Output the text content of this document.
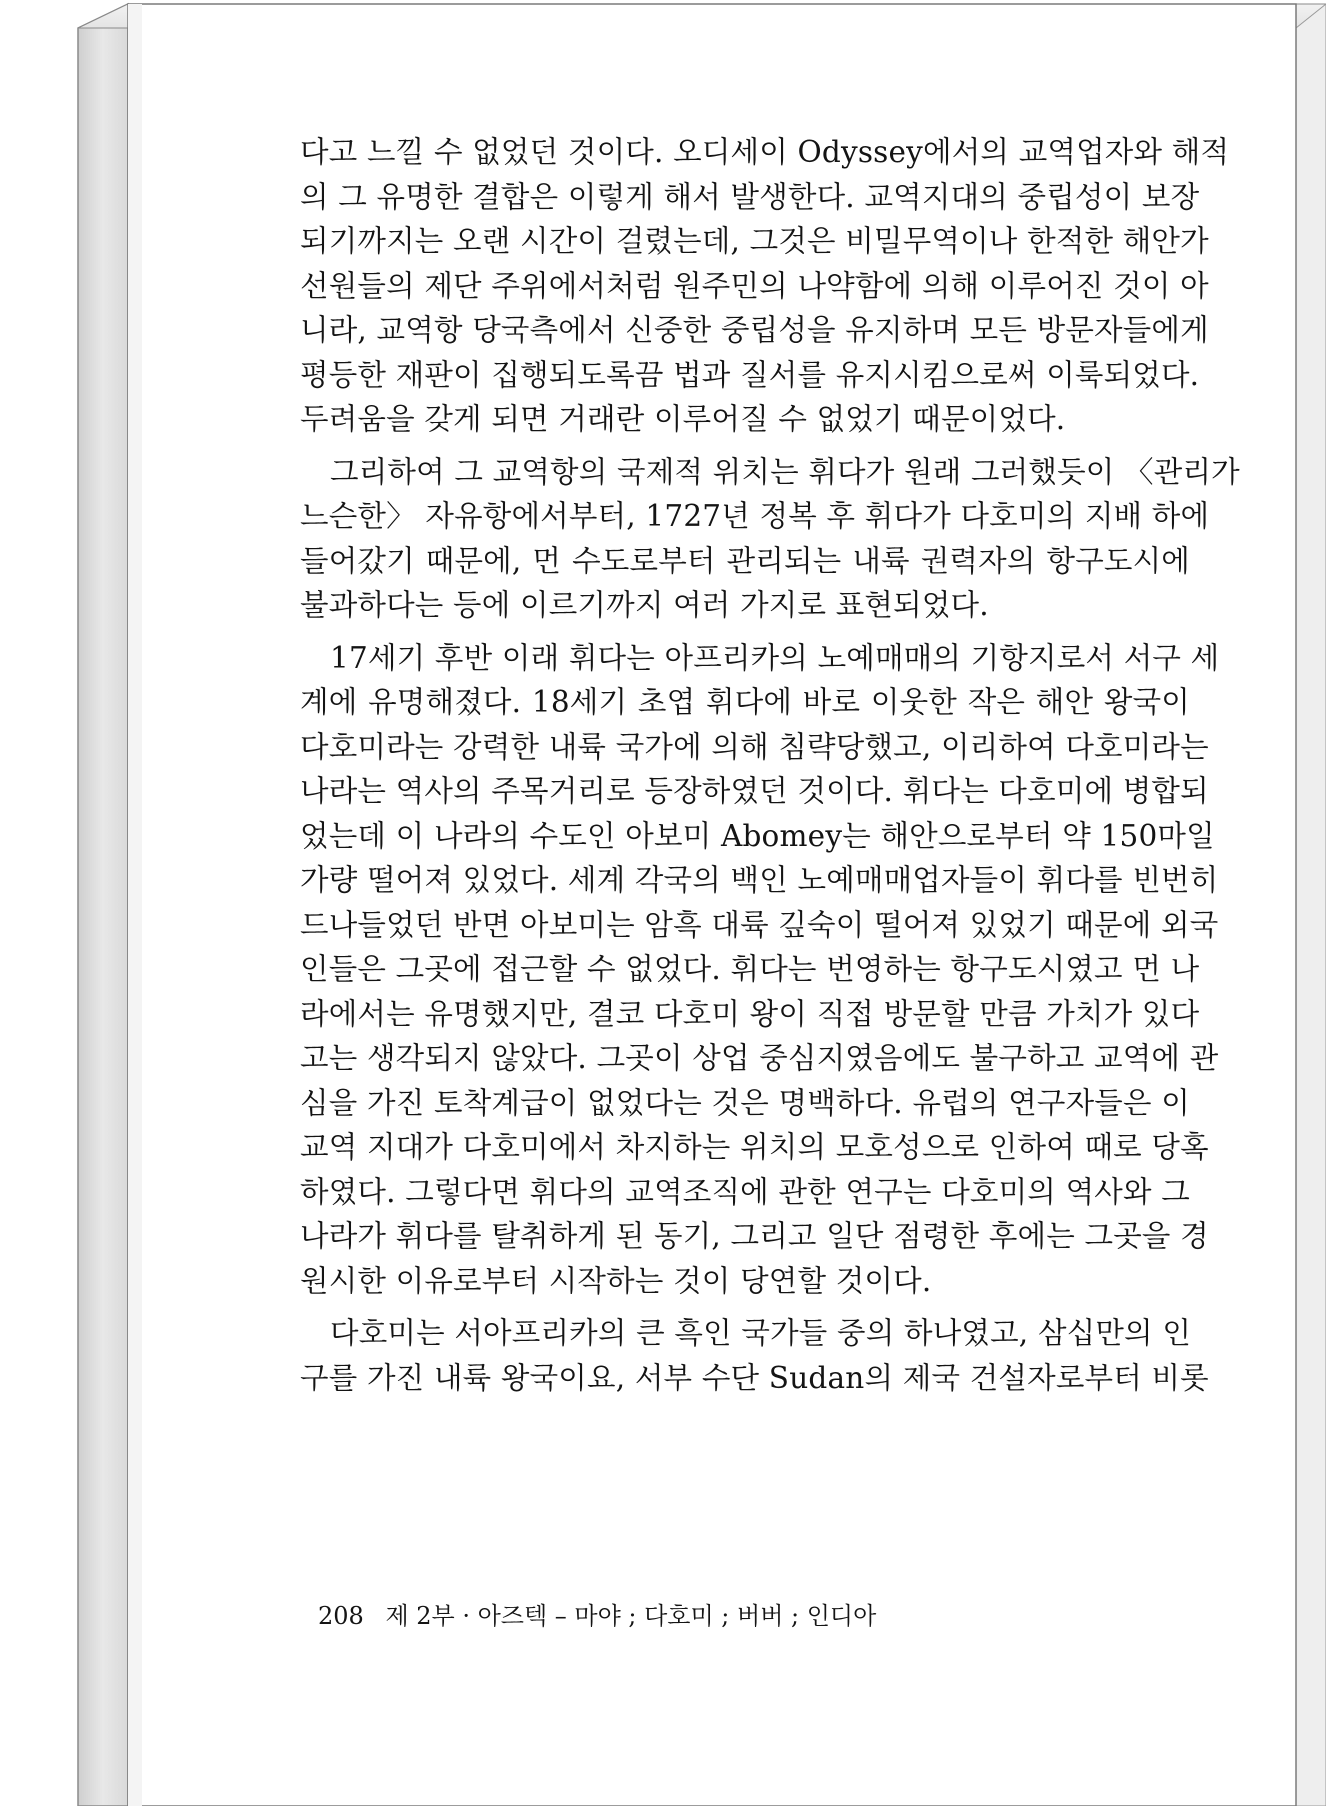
다고 느낄 수 없었던 것이다. 오디세이 Odyssey에서의 교역업자와 해적
의 그 유명한 결합은 이렇게 해서 발생한다. 교역지대의 중립성이 보장
되기까지는 오랜 시간이 걸렸는데, 그것은 비밀무역이나 한적한 해안가
선원들의 제단 주위에서처럼 원주민의 나약함에 의해 이루어진 것이 아
니라, 교역항 당국측에서 신중한 중립성을 유지하며 모든 방문자들에게
평등한 재판이 집행되도록끔 법과 질서를 유지시킴으로써 이룩되었다.
두려움을 갖게 되면 거래란 이루어질 수 없었기 때문이었다.
그리하여 그 교역항의 국제적 위치는 휘다가 원래 그러했듯이 〈관리가
느슨한〉 자유항에서부터, 1727년 정복 후 휘다가 다호미의 지배 하에
들어갔기 때문에, 먼 수도로부터 관리되는 내륙 권력자의 항구도시에
불과하다는 등에 이르기까지 여러 가지로 표현되었다.
17세기 후반 이래 휘다는 아프리카의 노예매매의 기항지로서 서구 세
계에 유명해졌다. 18세기 초엽 휘다에 바로 이웃한 작은 해안 왕국이
다호미라는 강력한 내륙 국가에 의해 침략당했고, 이리하여 다호미라는
나라는 역사의 주목거리로 등장하였던 것이다. 휘다는 다호미에 병합되
었는데 이 나라의 수도인 아보미 Abomey는 해안으로부터 약 150마일
가량 떨어져 있었다. 세계 각국의 백인 노예매매업자들이 휘다를 빈번히
드나들었던 반면 아보미는 암흑 대륙 깊숙이 떨어져 있었기 때문에 외국
인들은 그곳에 접근할 수 없었다. 휘다는 번영하는 항구도시였고 먼 나
라에서는 유명했지만, 결코 다호미 왕이 직접 방문할 만큼 가치가 있다
고는 생각되지 않았다. 그곳이 상업 중심지였음에도 불구하고 교역에 관
심을 가진 토착계급이 없었다는 것은 명백하다. 유럽의 연구자들은 이
교역 지대가 다호미에서 차지하는 위치의 모호성으로 인하여 때로 당혹
하였다. 그렇다면 휘다의 교역조직에 관한 연구는 다호미의 역사와 그
나라가 휘다를 탈취하게 된 동기, 그리고 일단 점령한 후에는 그곳을 경
원시한 이유로부터 시작하는 것이 당연할 것이다.
다호미는 서아프리카의 큰 흑인 국가들 중의 하나였고, 삼십만의 인
구를 가진 내륙 왕국이요, 서부 수단 Sudan의 제국 건설자로부터 비롯
208 제 2부 · 아즈텍 – 마야 ; 다호미 ; 버버 ; 인디아
